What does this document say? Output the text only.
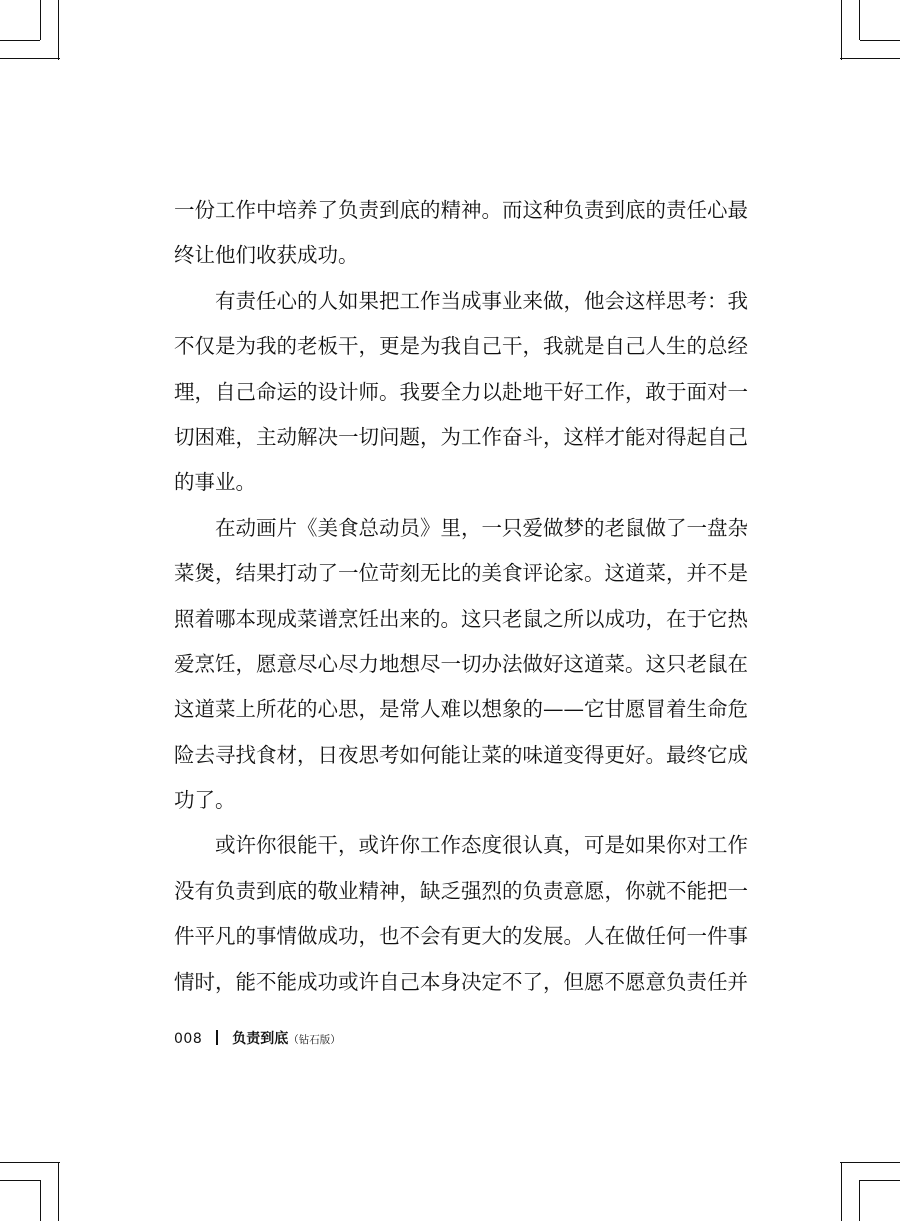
一份工作中培养了负责到底的精神。而这种负责到底的责任心最
终让他们收获成功。
有责任心的人如果把工作当成事业来做，他会这样思考：我
不仅是为我的老板干，更是为我自己干，我就是自己人生的总经
理，自己命运的设计师。我要全力以赴地干好工作，敢于面对一
切困难，主动解决一切问题，为工作奋斗，这样才能对得起自己
的事业。
在动画片《美食总动员》里，一只爱做梦的老鼠做了一盘杂
菜煲，结果打动了一位苛刻无比的美食评论家。这道菜，并不是
照着哪本现成菜谱烹饪出来的。这只老鼠之所以成功，在于它热
爱烹饪，愿意尽心尽力地想尽一切办法做好这道菜。这只老鼠在
这道菜上所花的心思，是常人难以想象的——它甘愿冒着生命危
险去寻找食材，日夜思考如何能让菜的味道变得更好。最终它成
功了。
或许你很能干，或许你工作态度很认真，可是如果你对工作
没有负责到底的敬业精神，缺乏强烈的负责意愿，你就不能把一
件平凡的事情做成功，也不会有更大的发展。人在做任何一件事
情时，能不能成功或许自己本身决定不了，但愿不愿意负责任并
008 负责到底（钻石版）
